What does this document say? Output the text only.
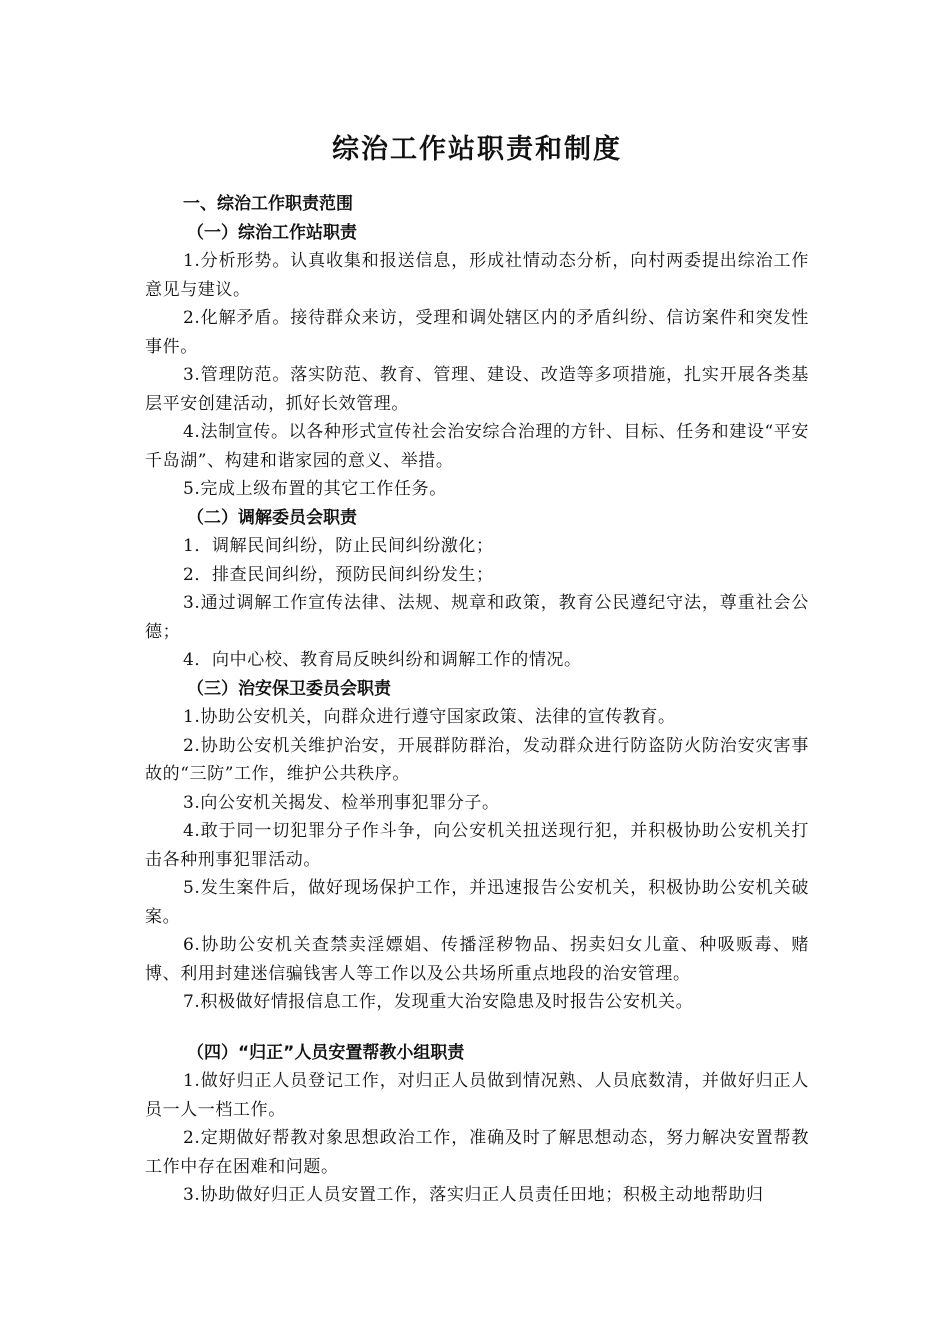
综治工作站职责和制度
一、综治工作职责范围
（一）综治工作站职责

1.分析形势。认真收集和报送信息，形成社情动态分析，向村两委提出综治工作意见与建议。

2.化解矛盾。接待群众来访，受理和调处辖区内的矛盾纠纷、信访案件和突发性事件。

3.管理防范。落实防范、教育、管理、建设、改造等多项措施，扎实开展各类基层平安创建活动，抓好长效管理。

4.法制宣传。以各种形式宣传社会治安综合治理的方针、目标、任务和建设“平安千岛湖”、构建和谐家园的意义、举措。

5.完成上级布置的其它工作任务。

（二）调解委员会职责

1．调解民间纠纷，防止民间纠纷激化；

2．排查民间纠纷，预防民间纠纷发生；

3.通过调解工作宣传法律、法规、规章和政策，教育公民遵纪守法，尊重社会公德；

4．向中心校、教育局反映纠纷和调解工作的情况。

（三）治安保卫委员会职责

1.协助公安机关，向群众进行遵守国家政策、法律的宣传教育。

2.协助公安机关维护治安，开展群防群治，发动群众进行防盗防火防治安灾害事故的“三防”工作，维护公共秩序。

3.向公安机关揭发、检举刑事犯罪分子。

4.敢于同一切犯罪分子作斗争，向公安机关扭送现行犯，并积极协助公安机关打击各种刑事犯罪活动。

5.发生案件后，做好现场保护工作，并迅速报告公安机关，积极协助公安机关破案。

6.协助公安机关查禁卖淫嫖娼、传播淫秽物品、拐卖妇女儿童、种吸贩毒、赌博、利用封建迷信骗钱害人等工作以及公共场所重点地段的治安管理。

7.积极做好情报信息工作，发现重大治安隐患及时报告公安机关。

（四）“归正”人员安置帮教小组职责

1.做好归正人员登记工作，对归正人员做到情况熟、人员底数清，并做好归正人员一人一档工作。

2.定期做好帮教对象思想政治工作，准确及时了解思想动态，努力解决安置帮教工作中存在困难和问题。

3.协助做好归正人员安置工作，落实归正人员责任田地；积极主动地帮助归
